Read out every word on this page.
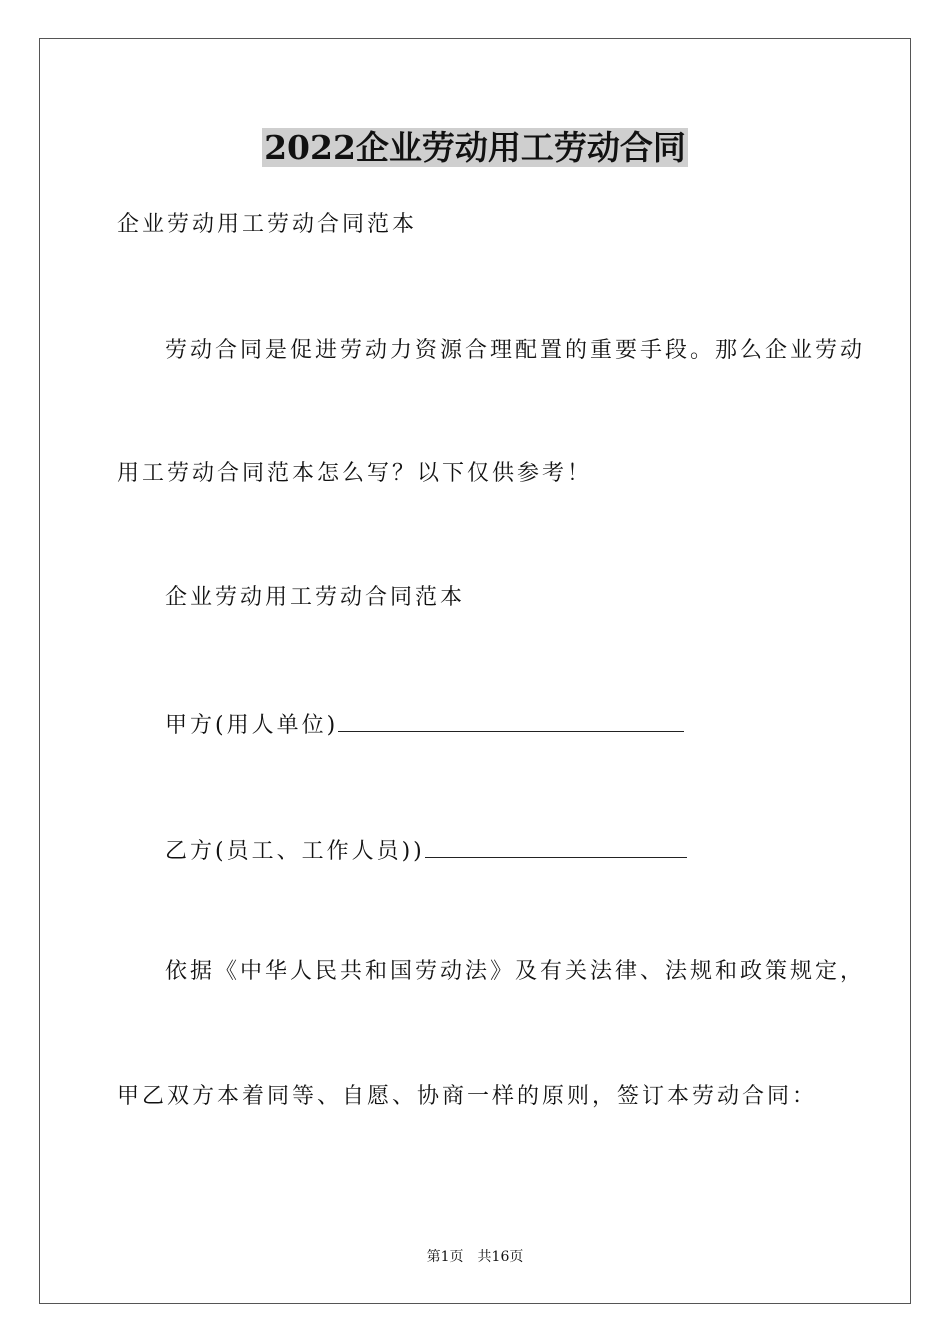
2022企业劳动用工劳动合同
企业劳动用工劳动合同范本
劳动合同是促进劳动力资源合理配置的重要手段。那么企业劳动
用工劳动合同范本怎么写？以下仅供参考！
企业劳动用工劳动合同范本
甲方(用人单位)
乙方(员工、工作人员))
依据《中华人民共和国劳动法》及有关法律、法规和政策规定，
甲乙双方本着同等、自愿、协商一样的原则，签订本劳动合同：
第1页 共16页
